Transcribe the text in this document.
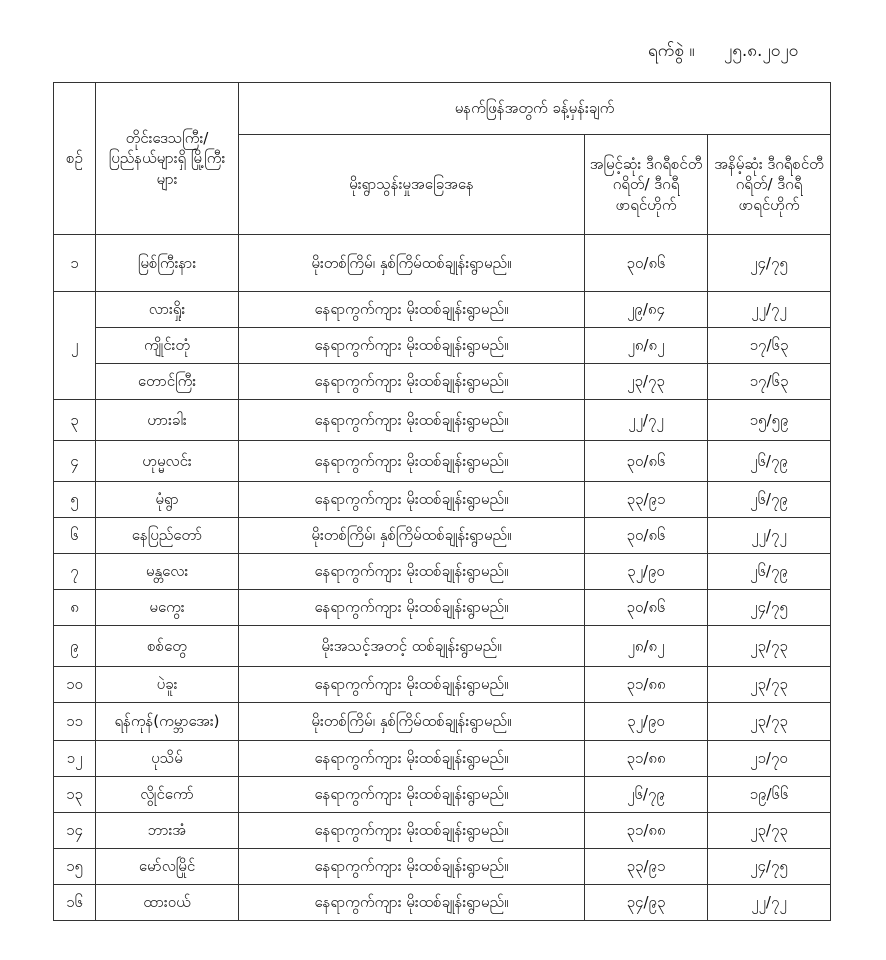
ရက်စွဲ ။ ၂၅.၈.၂၀၂၀
စဉ်	တိုင်းဒေသကြီး/ ပြည်နယ်များရှိ မြို့ကြီးများ	မနက်ဖြန်အတွက် ခန့်မှန်းချက်		
		မိုးရွာသွန်းမှုအခြေအနေ	အမြင့်ဆုံး ဒီဂရီစင်တီဂရိတ်/ ဒီဂရီဖာရင်ဟိုက်	အနိမ့်ဆုံး ဒီဂရီစင်တီဂရိတ်/ ဒီဂရီဖာရင်ဟိုက်
၁	မြစ်ကြီးနား	မိုးတစ်ကြိမ်၊ နှစ်ကြိမ်ထစ်ချုန်းရွာမည်။	၃၀/၈၆	၂၄/၇၅
၂	လားရှိုး	နေရာကွက်ကျား မိုးထစ်ချုန်းရွာမည်။	၂၉/၈၄	၂၂/၇၂
	ကျိုင်းတုံ	နေရာကွက်ကျား မိုးထစ်ချုန်းရွာမည်။	၂၈/၈၂	၁၇/၆၃
	တောင်ကြီး	နေရာကွက်ကျား မိုးထစ်ချုန်းရွာမည်။	၂၃/၇၃	၁၇/၆၃
၃	ဟားခါး	နေရာကွက်ကျား မိုးထစ်ချုန်းရွာမည်။	၂၂/၇၂	၁၅/၅၉
၄	ဟုမ္မလင်း	နေရာကွက်ကျား မိုးထစ်ချုန်းရွာမည်။	၃၀/၈၆	၂၆/၇၉
၅	မုံရွာ	နေရာကွက်ကျား မိုးထစ်ချုန်းရွာမည်။	၃၃/၉၁	၂၆/၇၉
၆	နေပြည်တော်	မိုးတစ်ကြိမ်၊ နှစ်ကြိမ်ထစ်ချုန်းရွာမည်။	၃၀/၈၆	၂၂/၇၂
၇	မန္တလေး	နေရာကွက်ကျား မိုးထစ်ချုန်းရွာမည်။	၃၂/၉၀	၂၆/၇၉
၈	မကွေး	နေရာကွက်ကျား မိုးထစ်ချုန်းရွာမည်။	၃၀/၈၆	၂၄/၇၅
၉	စစ်တွေ	မိုးအသင့်အတင့် ထစ်ချုန်းရွာမည်။	၂၈/၈၂	၂၃/၇၃
၁၀	ပဲခူး	နေရာကွက်ကျား မိုးထစ်ချုန်းရွာမည်။	၃၁/၈၈	၂၃/၇၃
၁၁	ရန်ကုန်(ကမ္ဘာအေး)	မိုးတစ်ကြိမ်၊ နှစ်ကြိမ်ထစ်ချုန်းရွာမည်။	၃၂/၉၀	၂၃/၇၃
၁၂	ပုသိမ်	နေရာကွက်ကျား မိုးထစ်ချုန်းရွာမည်။	၃၁/၈၈	၂၁/၇၀
၁၃	လွိုင်ကော်	နေရာကွက်ကျား မိုးထစ်ချုန်းရွာမည်။	၂၆/၇၉	၁၉/၆၆
၁၄	ဘားအံ	နေရာကွက်ကျား မိုးထစ်ချုန်းရွာမည်။	၃၁/၈၈	၂၃/၇၃
၁၅	မော်လမြိုင်	နေရာကွက်ကျား မိုးထစ်ချုန်းရွာမည်။	၃၃/၉၁	၂၄/၇၅
၁၆	ထားဝယ်	နေရာကွက်ကျား မိုးထစ်ချုန်းရွာမည်။	၃၄/၉၃	၂၂/၇၂
